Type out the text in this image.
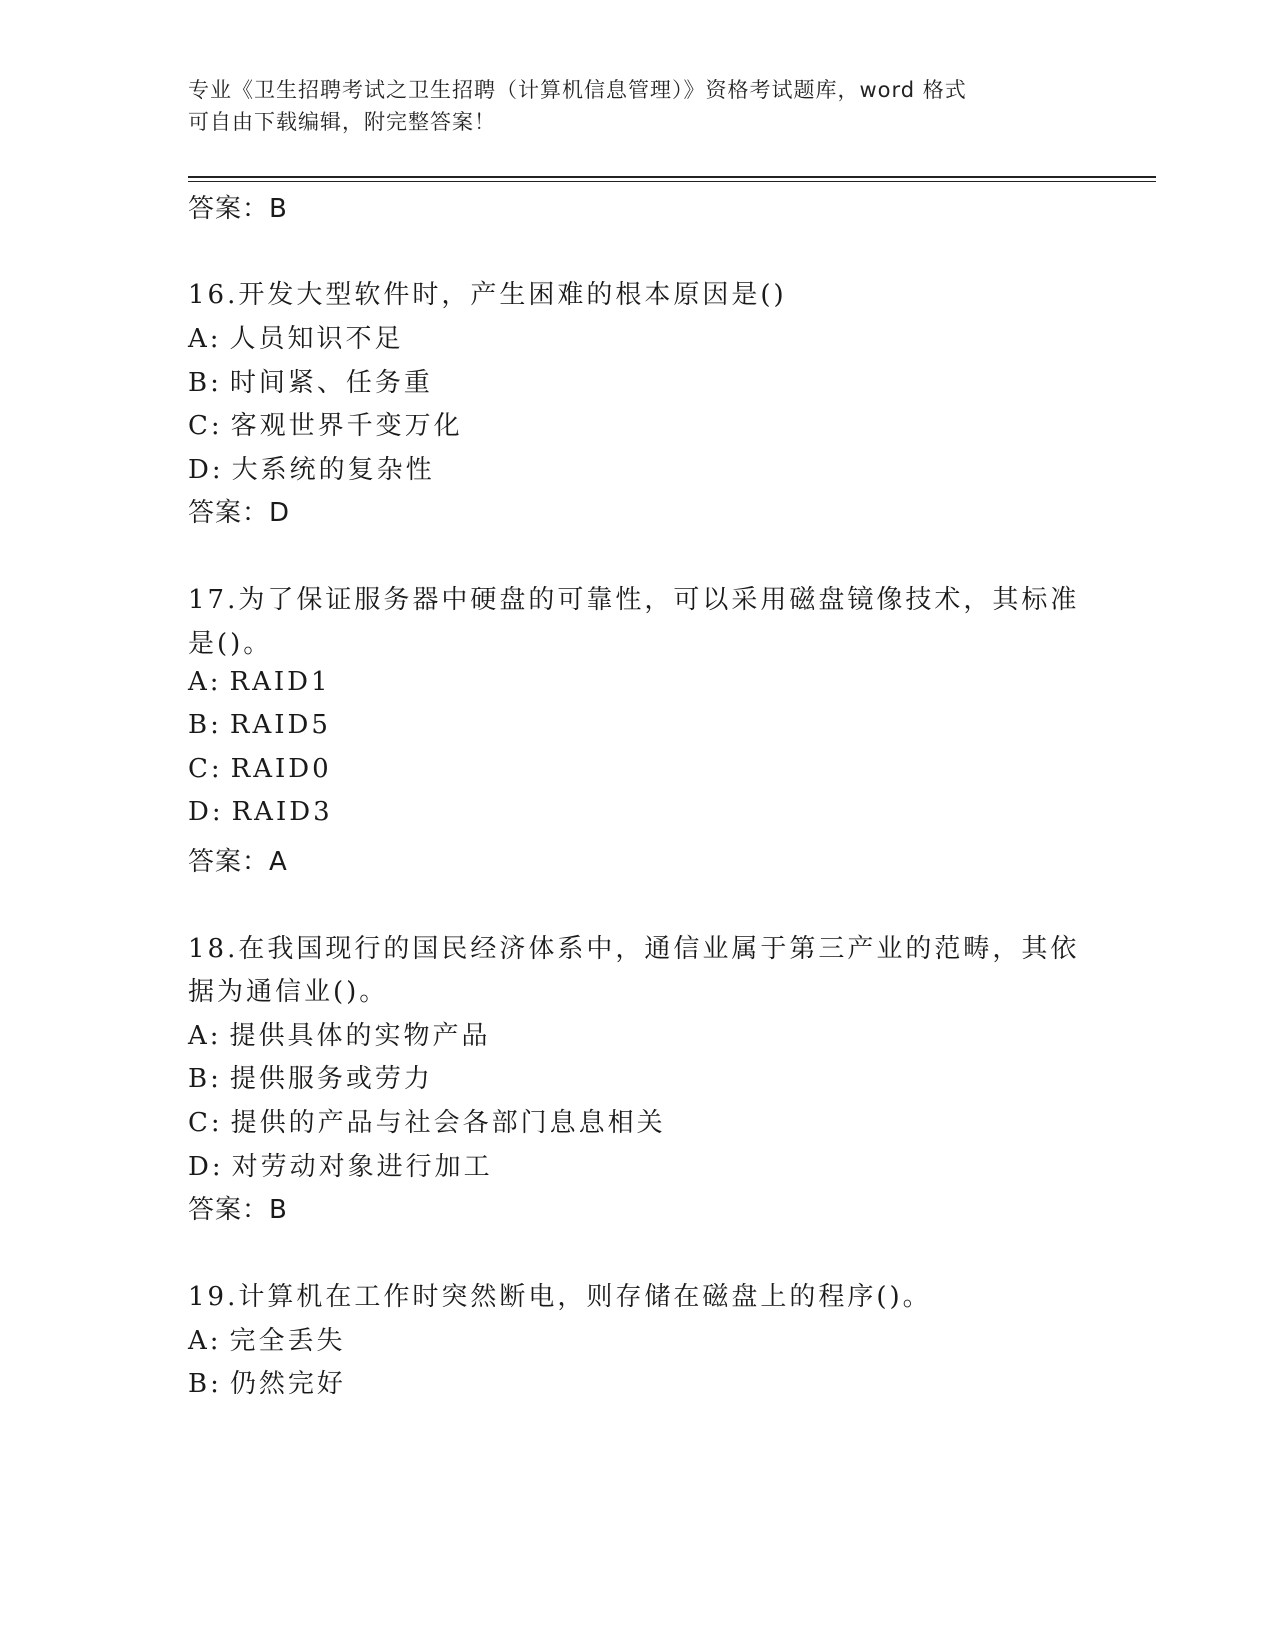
专业《卫生招聘考试之卫生招聘（计算机信息管理）》资格考试题库，word 格式
可自由下载编辑，附完整答案！
答案：B
16.开发大型软件时，产生困难的根本原因是()
A: 人员知识不足
B: 时间紧、任务重
C: 客观世界千变万化
D: 大系统的复杂性
答案：D
17.为了保证服务器中硬盘的可靠性，可以采用磁盘镜像技术，其标准
是()。
A: RAID1
B: RAID5
C: RAID0
D: RAID3
答案：A
18.在我国现行的国民经济体系中，通信业属于第三产业的范畴，其依
据为通信业()。
A: 提供具体的实物产品
B: 提供服务或劳力
C: 提供的产品与社会各部门息息相关
D: 对劳动对象进行加工
答案：B
19.计算机在工作时突然断电，则存储在磁盘上的程序()。
A: 完全丢失
B: 仍然完好
